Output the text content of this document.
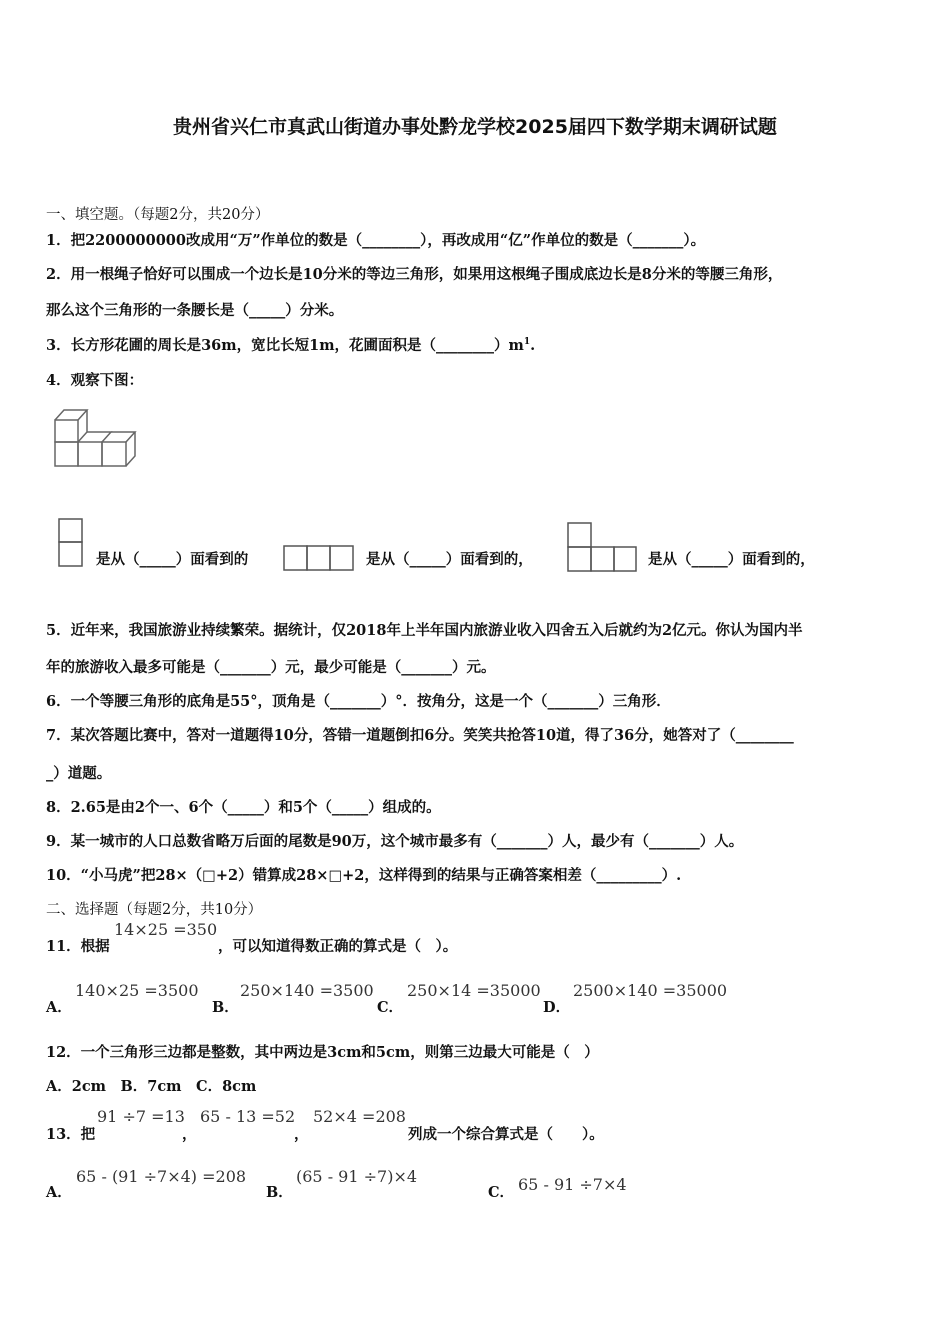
贵州省兴仁市真武山街道办事处黔龙学校2025届四下数学期末调研试题
一、填空题。（每题2分，共20分）
1．把2200000000改成用“万”作单位的数是（________），再改成用“亿”作单位的数是（_______）。
2．用一根绳子恰好可以围成一个边长是10分米的等边三角形，如果用这根绳子围成底边长是8分米的等腰三角形，
那么这个三角形的一条腰长是（_____）分米。
3．长方形花圃的周长是36m，宽比长短1m，花圃面积是$(\_\_\_\_\_\_\_\_)m^1$.
4．观察下图：
是从（_____）面看到的	是从（_____）面看到的，	是从（_____）面看到的，
5．近年来，我国旅游业持续繁荣。据统计，仅2018年上半年国内旅游业收入四舍五入后就约为2亿元。你认为国内半
年的旅游收入最多可能是（_______）元，最少可能是（_______）元。
6．一个等腰三角形的底角是55°，顶角是（_______）°．按角分，这是一个（_______）三角形．
7．某次答题比赛中，答对一道题得10分，答错一道题倒扣6分。笑笑共抢答10道，得了36分，她答对了（________
_）道题。
8．2.65是由2个一、6个（_____）和5个（_____）组成的。
9．某一城市的人口总数省略万后面的尾数是90万，这个城市最多有（_______）人，最少有（_______）人。
10．“小马虎”把28×（□+2）错算成28×□+2，这样得到的结果与正确答案相差（_________）.
二、选择题（每题2分，共10分）
11．根据
14×25 =350
，可以知道得数正确的算式是（　）。
A．
140×25 =3500
B．
250×140 =3500
C．
250×14 =35000
D．
2500×140 =35000
12．一个三角形三边都是整数，其中两边是3cm和5cm，则第三边最大可能是（　）
A．2cm　B．7cm　C．8cm
13．把
91 ÷7 =13
，
65 - 13 =52
，
52×4 =208
列成一个综合算式是（　　）。
A．
65 - (91 ÷7×4) =208
B．
(65 - 91 ÷7)×4
C． 65 - 91 ÷7×4
